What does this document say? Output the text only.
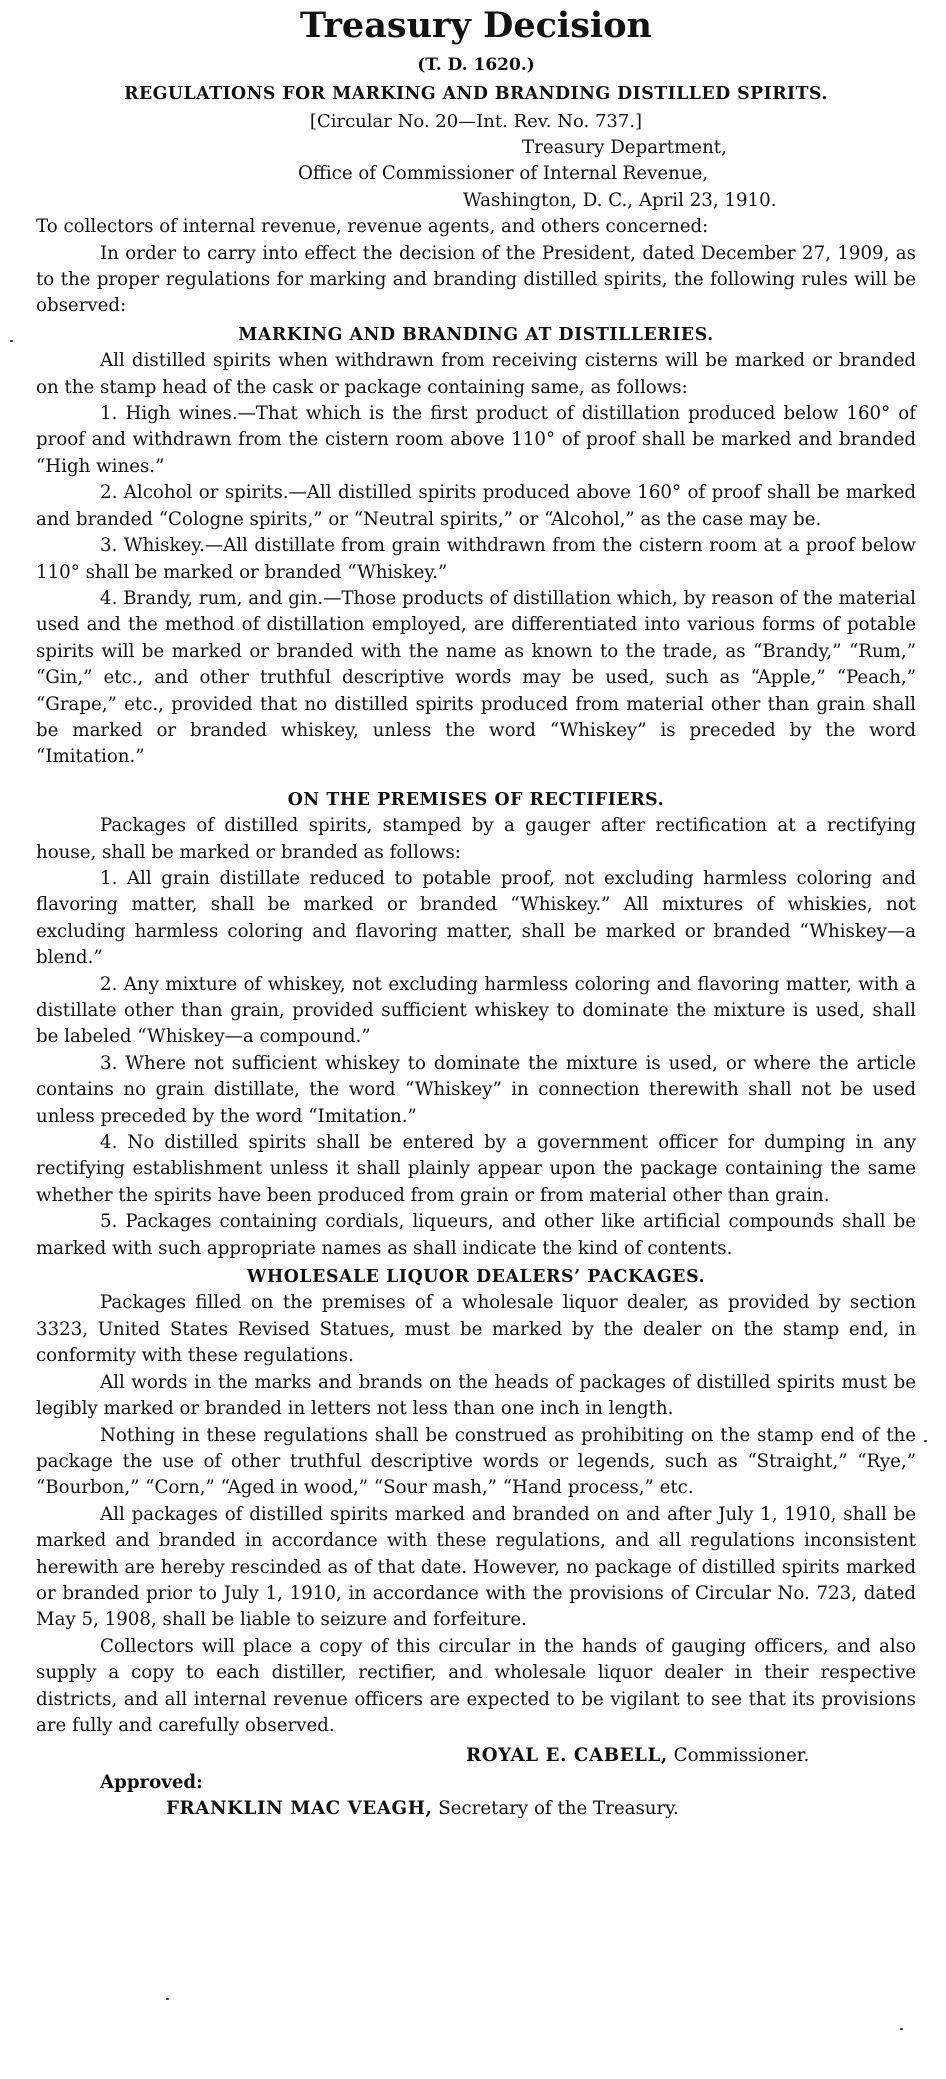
Treasury Decision
(T. D. 1620.)
REGULATIONS FOR MARKING AND BRANDING DISTILLED SPIRITS.
[Circular No. 20—Int. Rev. No. 737.]
Treasury Department,
Office of Commissioner of Internal Revenue,
Washington, D. C., April 23, 1910.
To collectors of internal revenue, revenue agents, and others concerned:

In order to carry into effect the decision of the President, dated December 27, 1909, as to the proper regulations for marking and branding distilled spirits, the following rules will be observed:

MARKING AND BRANDING AT DISTILLERIES.

All distilled spirits when withdrawn from receiving cisterns will be marked or branded on the stamp head of the cask or package containing same, as follows:

1. High wines.—That which is the first product of distillation produced below 160° of proof and withdrawn from the cistern room above 110° of proof shall be marked and branded “High wines.”

2. Alcohol or spirits.—All distilled spirits produced above 160° of proof shall be marked and branded “Cologne spirits,” or “Neutral spirits,” or “Alcohol,” as the case may be.

3. Whiskey.—All distillate from grain withdrawn from the cistern room at a proof below 110° shall be marked or branded “Whiskey.”

4. Brandy, rum, and gin.—Those products of distillation which, by reason of the material used and the method of distillation employed, are differentiated into various forms of potable spirits will be marked or branded with the name as known to the trade, as “Brandy,” “Rum,” “Gin,” etc., and other truthful descriptive words may be used, such as “Apple,” “Peach,” “Grape,” etc., provided that no distilled spirits produced from material other than grain shall be marked or branded whiskey, unless the word “Whiskey” is preceded by the word “Imitation.”

ON THE PREMISES OF RECTIFIERS.

Packages of distilled spirits, stamped by a gauger after rectification at a rectifying house, shall be marked or branded as follows:

1. All grain distillate reduced to potable proof, not excluding harmless coloring and flavoring matter, shall be marked or branded “Whiskey.” All mixtures of whiskies, not excluding harmless coloring and flavoring matter, shall be marked or branded “Whiskey—a blend.”

2. Any mixture of whiskey, not excluding harmless coloring and flavoring matter, with a distillate other than grain, provided sufficient whiskey to dominate the mixture is used, shall be labeled “Whiskey—a compound.”

3. Where not sufficient whiskey to dominate the mixture is used, or where the article contains no grain distillate, the word “Whiskey” in connection therewith shall not be used unless preceded by the word “Imitation.”

4. No distilled spirits shall be entered by a government officer for dumping in any rectifying establishment unless it shall plainly appear upon the package containing the same whether the spirits have been produced from grain or from material other than grain.

5. Packages containing cordials, liqueurs, and other like artificial compounds shall be marked with such appropriate names as shall indicate the kind of contents.

WHOLESALE LIQUOR DEALERS’ PACKAGES.

Packages filled on the premises of a wholesale liquor dealer, as provided by section 3323, United States Revised Statues, must be marked by the dealer on the stamp end, in conformity with these regulations.

All words in the marks and brands on the heads of packages of distilled spirits must be legibly marked or branded in letters not less than one inch in length.

Nothing in these regulations shall be construed as prohibiting on the stamp end of the package the use of other truthful descriptive words or legends, such as “Straight,” “Rye,” “Bourbon,” “Corn,” “Aged in wood,” “Sour mash,” “Hand process,” etc.

All packages of distilled spirits marked and branded on and after July 1, 1910, shall be marked and branded in accordance with these regulations, and all regulations inconsistent herewith are hereby rescinded as of that date. However, no package of distilled spirits marked or branded prior to July 1, 1910, in accordance with the provisions of Circular No. 723, dated May 5, 1908, shall be liable to seizure and forfeiture.

Collectors will place a copy of this circular in the hands of gauging officers, and also supply a copy to each distiller, rectifier, and wholesale liquor dealer in their respective districts, and all internal revenue officers are expected to be vigilant to see that its provisions are fully and carefully observed.

ROYAL E. CABELL, Commissioner.
Approved:
FRANKLIN MAC VEAGH, Secretary of the Treasury.
